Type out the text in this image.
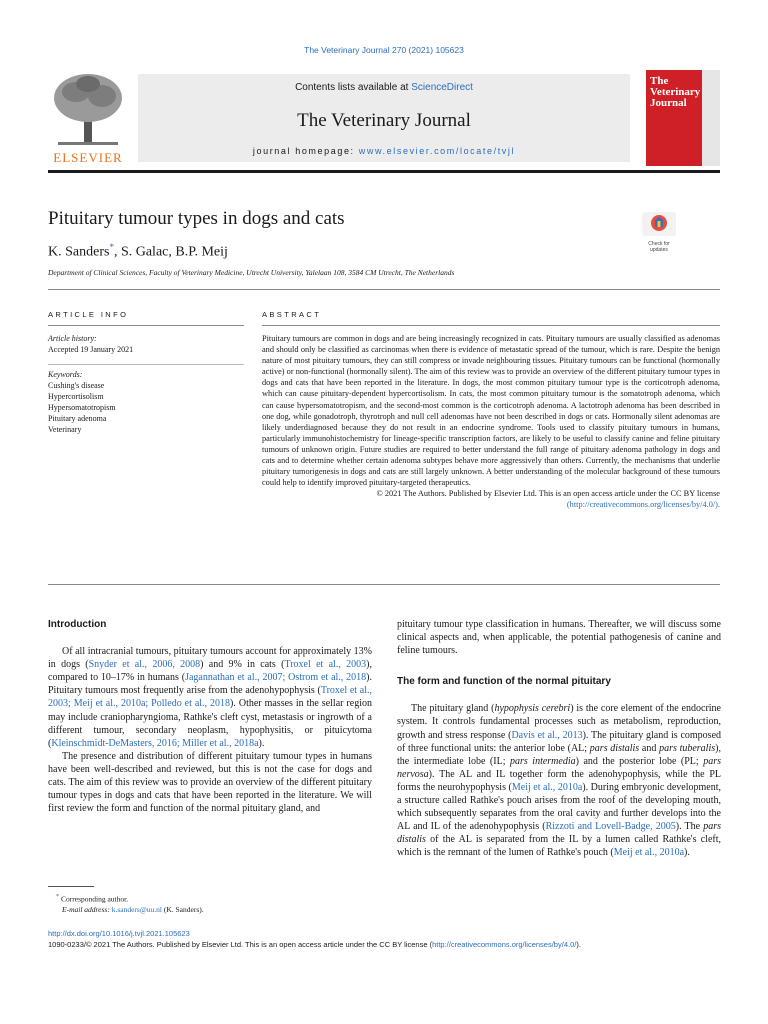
The Veterinary Journal 270 (2021) 105623
ELSEVIER
Contents lists available at ScienceDirect
The Veterinary Journal
journal homepage: www.elsevier.com/locate/tvjl
The Veterinary Journal
Pituitary tumour types in dogs and cats
K. Sanders*, S. Galac, B.P. Meij
Check for updates
Department of Clinical Sciences, Faculty of Veterinary Medicine, Utrecht University, Yalelaan 108, 3584 CM Utrecht, The Netherlands
ARTICLE INFO	ABSTRACT
Article history:
Accepted 19 January 2021
Keywords:
Cushing's disease
Hypercortisolism
Hypersomatotropism
Pituitary adenoma
Veterinary
Pituitary tumours are common in dogs and are being increasingly recognized in cats. Pituitary tumours are usually classified as adenomas and should only be classified as carcinomas when there is evidence of metastatic spread of the tumour, which is rare. Despite the benign nature of most pituitary tumours, they can still compress or invade neighbouring tissues. Pituitary tumours can be functional (hormonally active) or non-functional (hormonally silent). The aim of this review was to provide an overview of the different pituitary tumour types in dogs and cats that have been reported in the literature. In dogs, the most common pituitary tumour type is the corticotroph adenoma, which can cause pituitary-dependent hypercortisolism. In cats, the most common pituitary tumour is the somatotroph adenoma, which can cause hypersomatotropism, and the second-most common is the corticotroph adenoma. A lactotroph adenoma has been described in one dog, while gonadotroph, thyrotroph and null cell adenomas have not been described in dogs or cats. Hormonally silent adenomas are likely underdiagnosed because they do not result in an endocrine syndrome. Tools used to classify pituitary tumours in humans, particularly immunohistochemistry for lineage-specific transcription factors, are likely to be useful to classify canine and feline pituitary tumours of unknown origin. Future studies are required to better understand the full range of pituitary adenoma pathology in dogs and cats and to determine whether certain adenoma subtypes behave more aggressively than others. Currently, the mechanisms that underlie pituitary tumorigenesis in dogs and cats are still largely unknown. A better understanding of the molecular background of these tumours could help to identify improved pituitary-targeted therapeutics.
© 2021 The Authors. Published by Elsevier Ltd. This is an open access article under the CC BY license (http://creativecommons.org/licenses/by/4.0/).
Introduction

Of all intracranial tumours, pituitary tumours account for approximately 13% in dogs (Snyder et al., 2006, 2008) and 9% in cats (Troxel et al., 2003), compared to 10–17% in humans (Jagannathan et al., 2007; Ostrom et al., 2018). Pituitary tumours most frequently arise from the adenohypophysis (Troxel et al., 2003; Meij et al., 2010a; Polledo et al., 2018). Other masses in the sellar region may include craniopharyngioma, Rathke's cleft cyst, metastasis or ingrowth of a different tumour, secondary neoplasm, hypophysitis, or pituicytoma (Kleinschmidt-DeMasters, 2016; Miller et al., 2018a).

The presence and distribution of different pituitary tumour types in humans have been well-described and reviewed, but this is not the case for dogs and cats. The aim of this review was to provide an overview of the different pituitary tumour types in dogs and cats that have been reported in the literature. We will first review the form and function of the normal pituitary gland, and

pituitary tumour type classification in humans. Thereafter, we will discuss some clinical aspects and, when applicable, the potential pathogenesis of canine and feline tumours.

The form and function of the normal pituitary

The pituitary gland (hypophysis cerebri) is the core element of the endocrine system. It controls fundamental processes such as metabolism, reproduction, growth and stress response (Davis et al., 2013). The pituitary gland is composed of three functional units: the anterior lobe (AL; pars distalis and pars tuberalis), the intermediate lobe (IL; pars intermedia) and the posterior lobe (PL; pars nervosa). The AL and IL together form the adenohypophysis, while the PL forms the neurohypophysis (Meij et al., 2010a). During embryonic development, a structure called Rathke's pouch arises from the roof of the developing mouth, which subsequently separates from the oral cavity and further develops into the AL and IL of the adenohypophysis (Rizzoti and Lovell-Badge, 2005). The pars distalis of the AL is separated from the IL by a lumen called Rathke's cleft, which is the remnant of the lumen of Rathke's pouch (Meij et al., 2010a).

* Corresponding author.
E-mail address: k.sanders@uu.nl (K. Sanders).
http://dx.doi.org/10.1016/j.tvjl.2021.105623
1090-0233/© 2021 The Authors. Published by Elsevier Ltd. This is an open access article under the CC BY license (http://creativecommons.org/licenses/by/4.0/).
